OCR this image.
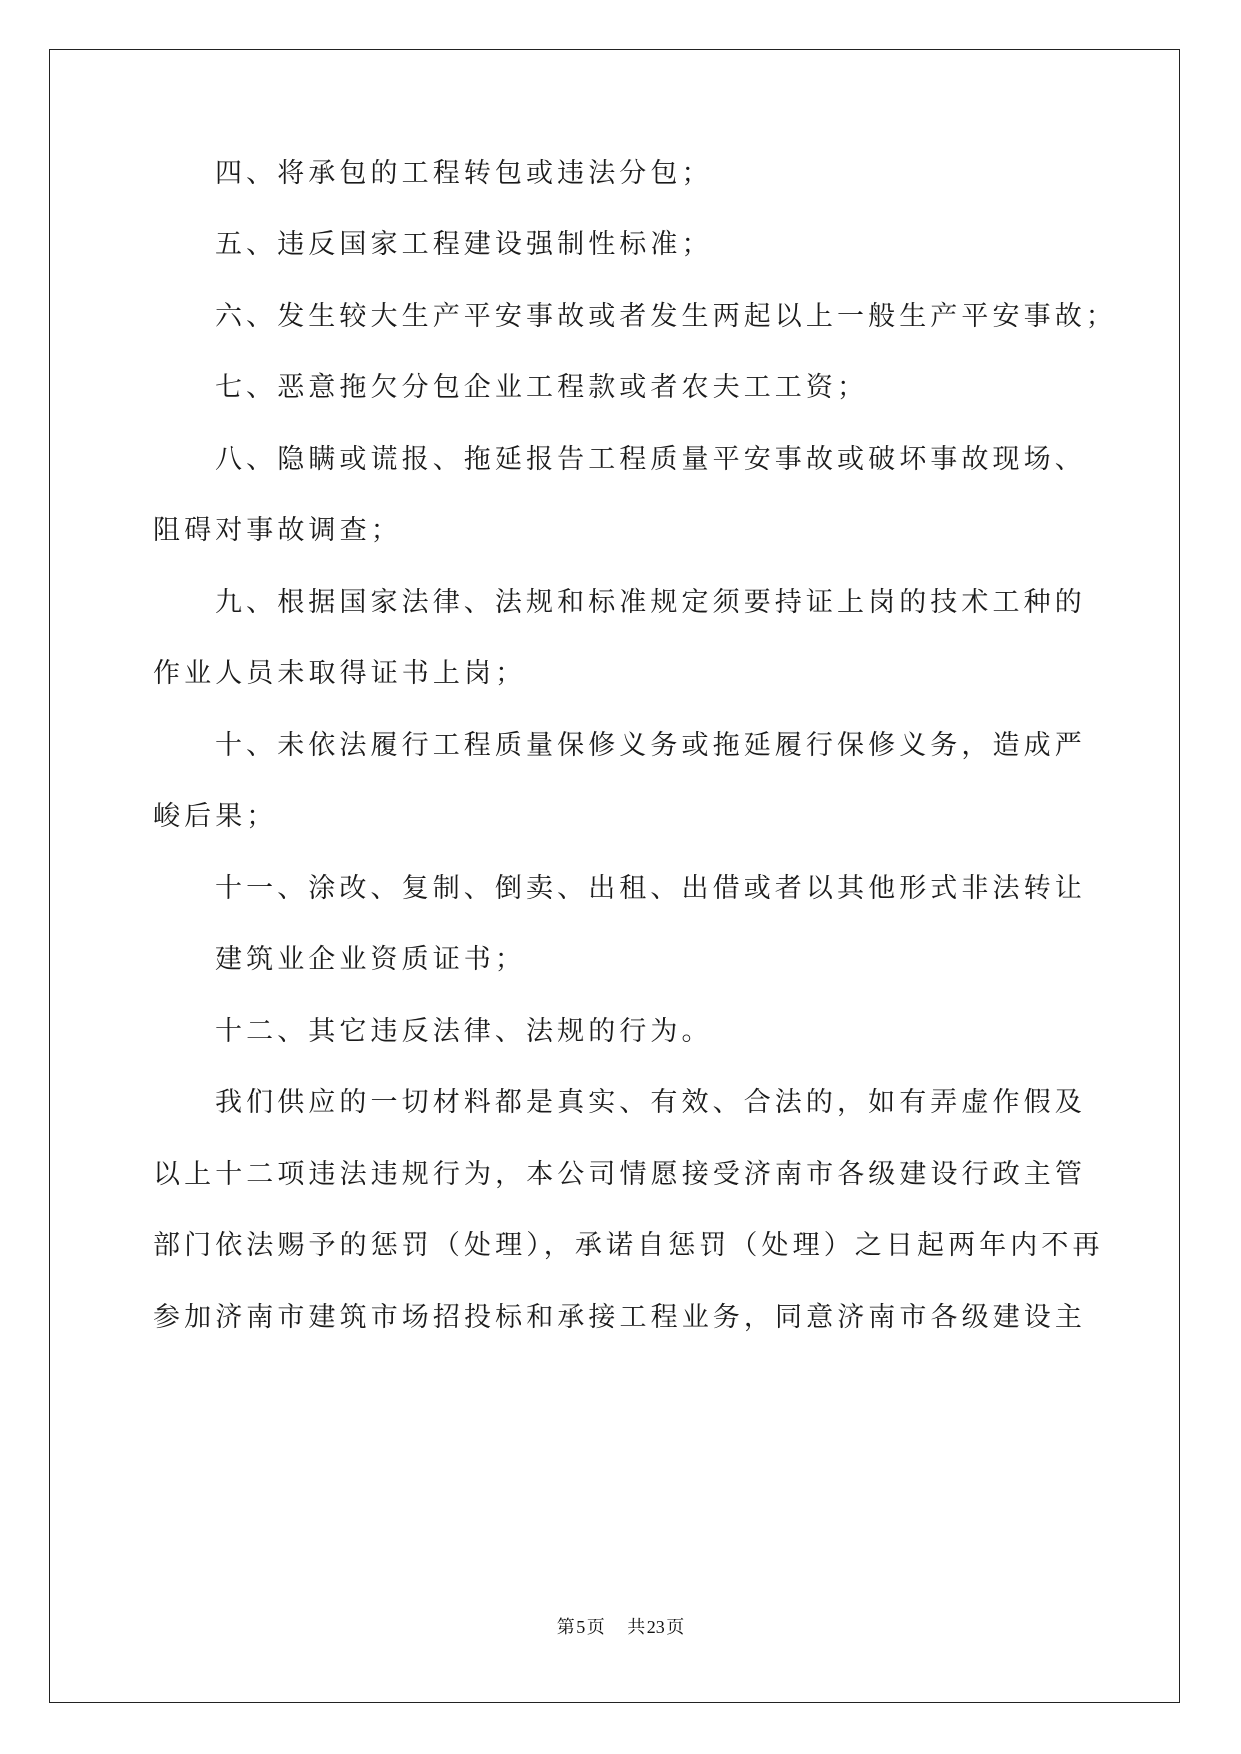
四、将承包的工程转包或违法分包；
五、违反国家工程建设强制性标准；
六、发生较大生产平安事故或者发生两起以上一般生产平安事故；
七、恶意拖欠分包企业工程款或者农夫工工资；
八、隐瞒或谎报、拖延报告工程质量平安事故或破坏事故现场、
阻碍对事故调查；
九、根据国家法律、法规和标准规定须要持证上岗的技术工种的
作业人员未取得证书上岗；
十、未依法履行工程质量保修义务或拖延履行保修义务，造成严
峻后果；
十一、涂改、复制、倒卖、出租、出借或者以其他形式非法转让
建筑业企业资质证书；
十二、其它违反法律、法规的行为。
我们供应的一切材料都是真实、有效、合法的，如有弄虚作假及
以上十二项违法违规行为，本公司情愿接受济南市各级建设行政主管
部门依法赐予的惩罚（处理），承诺自惩罚（处理）之日起两年内不再
参加济南市建筑市场招投标和承接工程业务，同意济南市各级建设主
第 5 页 共 23 页
